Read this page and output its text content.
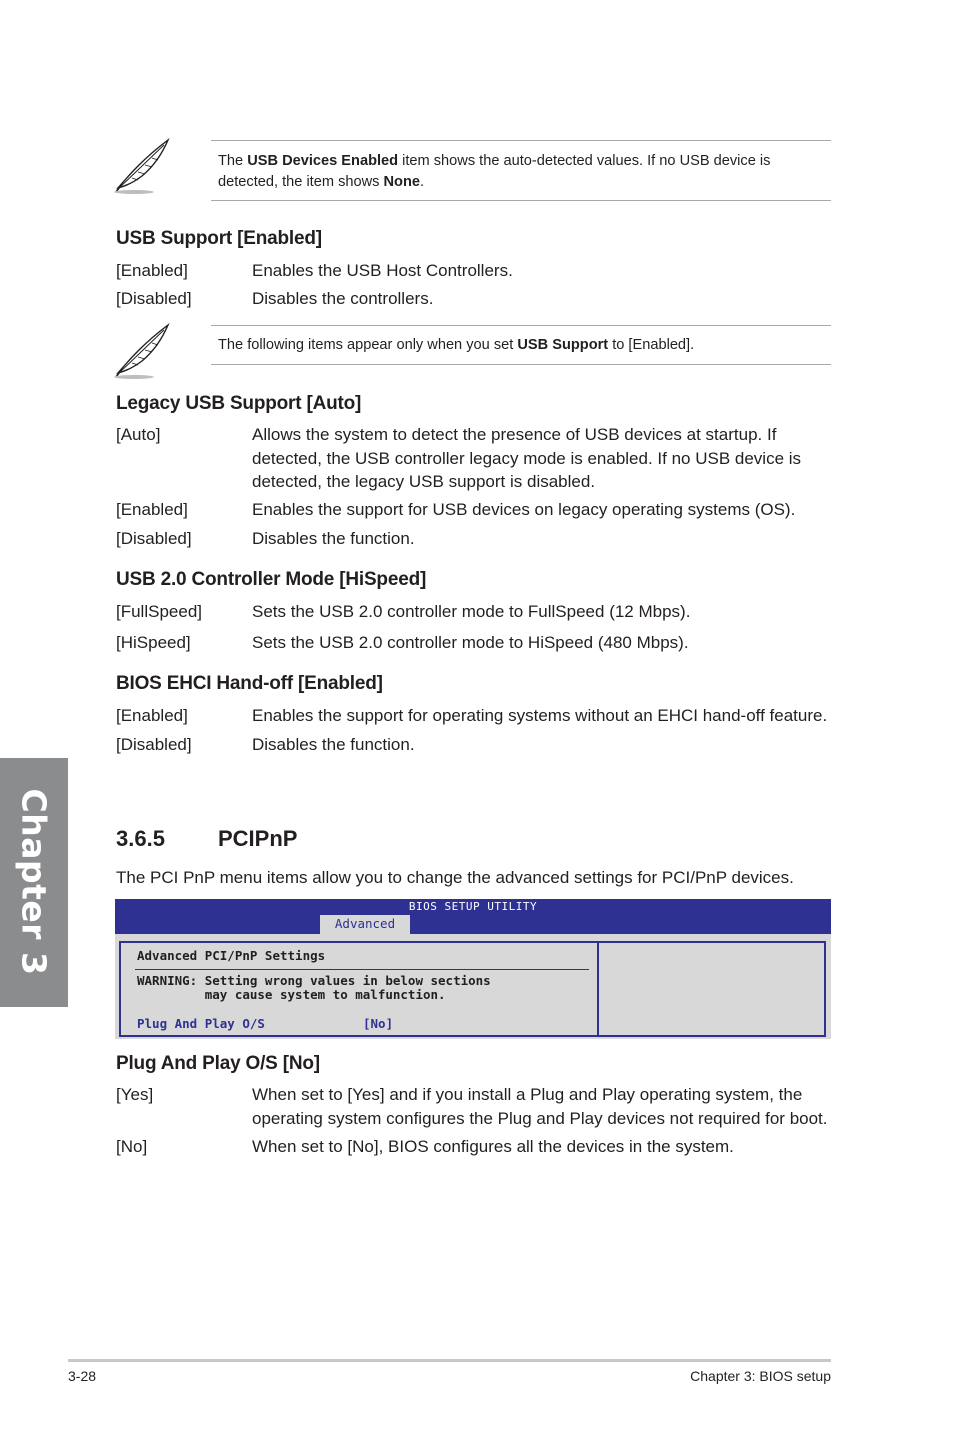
Chapter 3
The USB Devices Enabled item shows the auto-detected values. If no USB device is detected, the item shows None.
USB Support [Enabled]
[Enabled]	Enables the USB Host Controllers.
[Disabled]	Disables the controllers.
The following items appear only when you set USB Support to [Enabled].
Legacy USB Support [Auto]
[Auto]	Allows the system to detect the presence of USB devices at startup. If detected, the USB controller legacy mode is enabled. If no USB device is detected, the legacy USB support is disabled.
[Enabled]	Enables the support for USB devices on legacy operating systems (OS).
[Disabled]	Disables the function.
USB 2.0 Controller Mode [HiSpeed]
[FullSpeed]	Sets the USB 2.0 controller mode to FullSpeed (12 Mbps).
[HiSpeed]	Sets the USB 2.0 controller mode to HiSpeed (480 Mbps).
BIOS EHCI Hand-off [Enabled]
[Enabled]	Enables the support for operating systems without an EHCI hand-off feature.
[Disabled]	Disables the function.
3.6.5 PCIPnP
The PCI PnP menu items allow you to change the advanced settings for PCI/PnP devices.
BIOS SETUP UTILITY
Advanced
Advanced PCI/PnP Settings
WARNING: Setting wrong values in below sections
may cause system to malfunction.
Plug And Play O/S	[No]
Plug And Play O/S [No]
[Yes]	When set to [Yes] and if you install a Plug and Play operating system, the operating system configures the Plug and Play devices not required for boot.
[No]	When set to [No], BIOS configures all the devices in the system.
3-28	Chapter 3: BIOS setup
